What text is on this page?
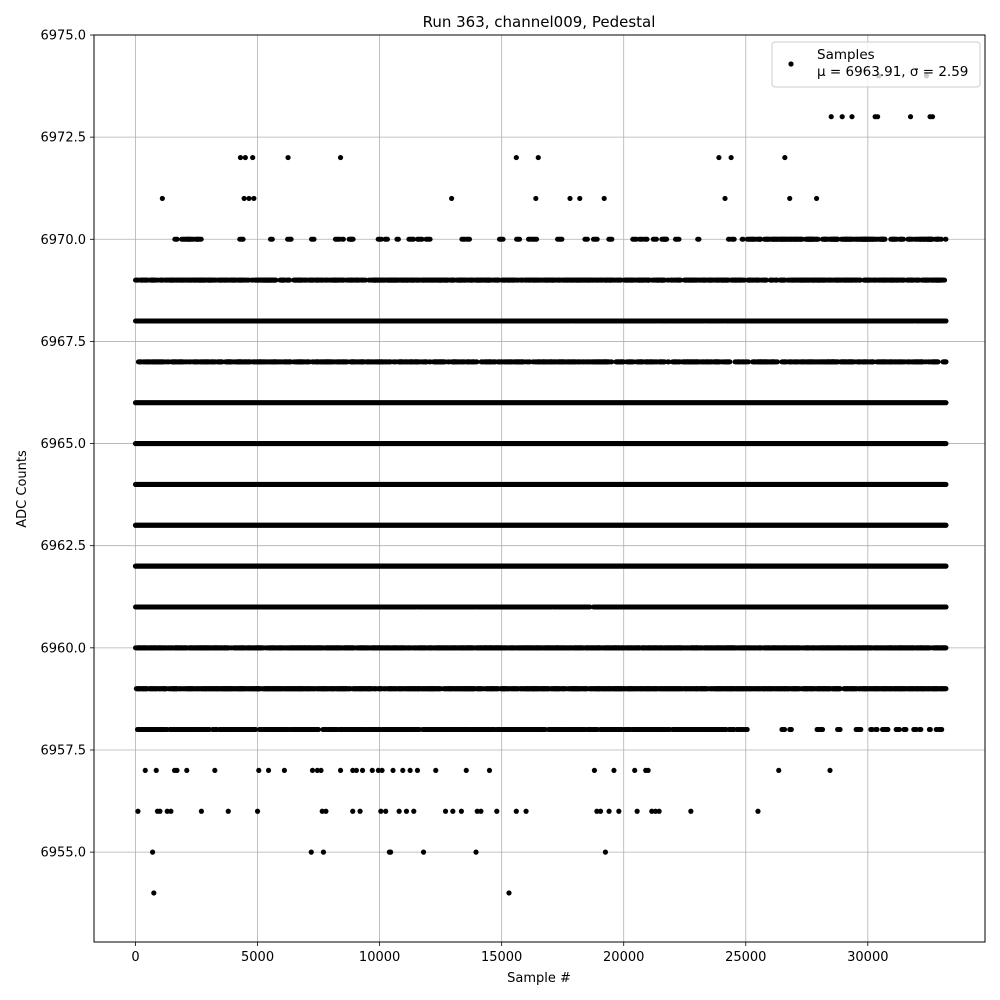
0	5000	10000	15000	20000	25000	30000
6955.0
6957.5
6960.0
6962.5
6965.0
6967.5
6970.0
6972.5
6975.0
Run 363, channel009, Pedestal
Sample #
ADC Counts
Samples
μ = 6963.91, σ = 2.59
